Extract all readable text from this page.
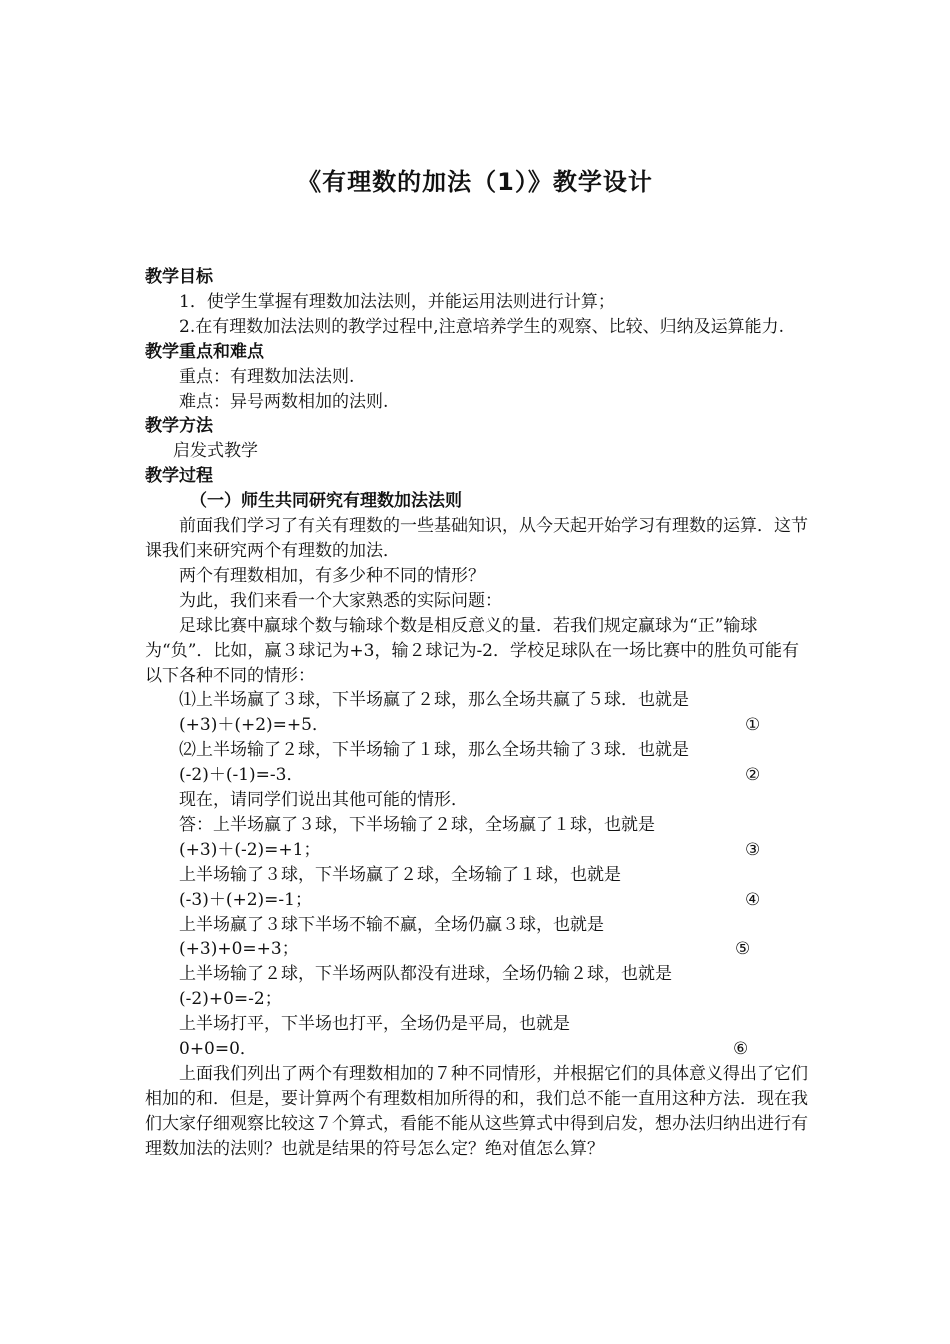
《有理数的加法（1）》教学设计

教学目标

1．使学生掌握有理数加法法则，并能运用法则进行计算；

2.在有理数加法法则的教学过程中,注意培养学生的观察、比较、归纳及运算能力.

教学重点和难点

重点：有理数加法法则.

难点：异号两数相加的法则.

教学方法

启发式教学

教学过程

（一）师生共同研究有理数加法法则

前面我们学习了有关有理数的一些基础知识，从今天起开始学习有理数的运算．这节课我们来研究两个有理数的加法．

两个有理数相加，有多少种不同的情形？

为此，我们来看一个大家熟悉的实际问题：

足球比赛中赢球个数与输球个数是相反意义的量．若我们规定赢球为“正”输球为“负”．比如，赢３球记为+3，输２球记为-2．学校足球队在一场比赛中的胜负可能有以下各种不同的情形：

⑴上半场赢了３球，下半场赢了２球，那么全场共赢了５球．也就是

(+3)＋(+2)=+5．	①

⑵上半场输了２球，下半场输了１球，那么全场共输了３球．也就是

(-2)＋(-1)=-3．	②

现在，请同学们说出其他可能的情形．

答：上半场赢了３球，下半场输了２球，全场赢了１球，也就是

(+3)＋(-2)=+1；	③

上半场输了３球，下半场赢了２球，全场输了１球，也就是

(-3)＋(+2)=-1；	④

上半场赢了３球下半场不输不赢，全场仍赢３球，也就是

(+3)+0=+3；	⑤

上半场输了２球，下半场两队都没有进球，全场仍输２球，也就是

(-2)+0=-2；

上半场打平，下半场也打平，全场仍是平局，也就是

0+0=0．	⑥

上面我们列出了两个有理数相加的７种不同情形，并根据它们的具体意义得出了它们相加的和．但是，要计算两个有理数相加所得的和，我们总不能一直用这种方法．现在我们大家仔细观察比较这７个算式，看能不能从这些算式中得到启发，想办法归纳出进行有理数加法的法则？也就是结果的符号怎么定？绝对值怎么算？
